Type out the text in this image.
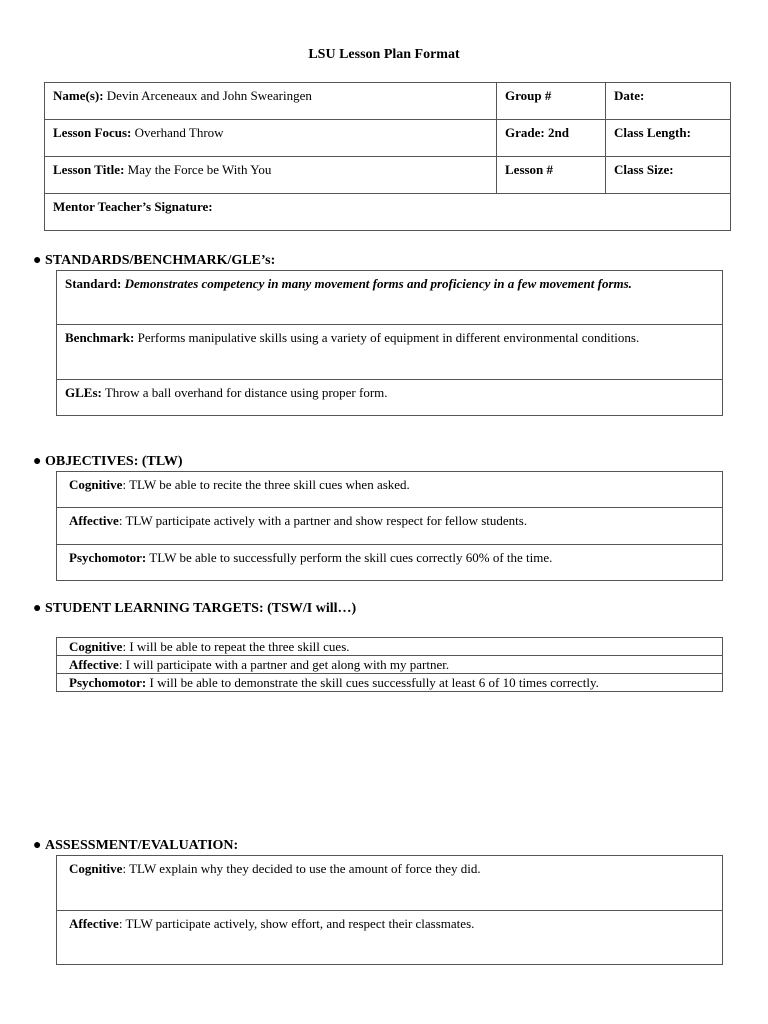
LSU Lesson Plan Format
Name(s): Devin Arceneaux and John Swearingen	Group #	Date:

Lesson Focus: Overhand Throw	Grade: 2nd	Class Length:

Lesson Title: May the Force be With You	Lesson #	Class Size:

Mentor Teacher’s Signature:		
● STANDARDS/BENCHMARK/GLE’s:
Standard: Demonstrates competency in many movement forms and proficiency in a few movement forms.

Benchmark: Performs manipulative skills using a variety of equipment in different environmental conditions.

GLEs: Throw a ball overhand for distance using proper form.
● OBJECTIVES: (TLW)
Cognitive: TLW be able to recite the three skill cues when asked.

Affective: TLW participate actively with a partner and show respect for fellow students.

Psychomotor: TLW be able to successfully perform the skill cues correctly 60% of the time.
● STUDENT LEARNING TARGETS: (TSW/I will…)
Cognitive: I will be able to repeat the three skill cues.

Affective: I will participate with a partner and get along with my partner.

Psychomotor: I will be able to demonstrate the skill cues successfully at least 6 of 10 times correctly.
● ASSESSMENT/EVALUATION:
Cognitive: TLW explain why they decided to use the amount of force they did.

Affective: TLW participate actively, show effort, and respect their classmates.
